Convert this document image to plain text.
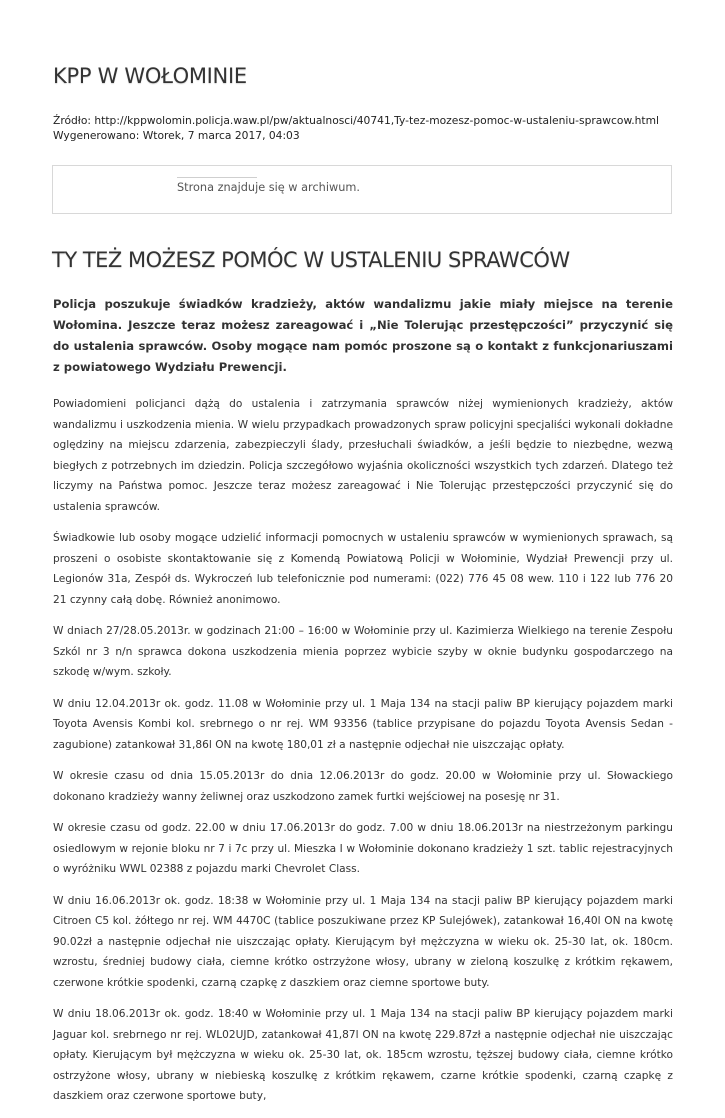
KPP W WOŁOMINIE
Źródło: http://kppwolomin.policja.waw.pl/pw/aktualnosci/40741,Ty-tez-mozesz-pomoc-w-ustaleniu-sprawcow.html
Wygenerowano: Wtorek, 7 marca 2017, 04:03
Strona znajduje się w archiwum.
TY TEŻ MOŻESZ POMÓC W USTALENIU SPRAWCÓW

Policja poszukuje świadków kradzieży, aktów wandalizmu jakie miały miejsce na terenie Wołomina. Jeszcze teraz możesz zareagować i „Nie Tolerując przestępczości” przyczynić się do ustalenia sprawców. Osoby mogące nam pomóc proszone są o kontakt z funkcjonariuszami z powiatowego Wydziału Prewencji.

Powiadomieni policjanci dążą do ustalenia i zatrzymania sprawców niżej wymienionych kradzieży, aktów wandalizmu i uszkodzenia mienia. W wielu przypadkach prowadzonych spraw policyjni specjaliści wykonali dokładne oględziny na miejscu zdarzenia, zabezpieczyli ślady, przesłuchali świadków, a jeśli będzie to niezbędne, wezwą biegłych z potrzebnych im dziedzin. Policja szczegółowo wyjaśnia okoliczności wszystkich tych zdarzeń. Dlatego też liczymy na Państwa pomoc. Jeszcze teraz możesz zareagować i Nie Tolerując przestępczości przyczynić się do ustalenia sprawców.

Świadkowie lub osoby mogące udzielić informacji pomocnych w ustaleniu sprawców w wymienionych sprawach, są proszeni o osobiste skontaktowanie się z Komendą Powiatową Policji w Wołominie, Wydział Prewencji przy ul. Legionów 31a, Zespół ds. Wykroczeń lub telefonicznie pod numerami: (022) 776 45 08 wew. 110 i 122 lub 776 20 21 czynny całą dobę. Również anonimowo.

W dniach 27/28.05.2013r. w godzinach 21:00 – 16:00 w Wołominie przy ul. Kazimierza Wielkiego na terenie Zespołu Szkól nr 3 n/n sprawca dokona uszkodzenia mienia poprzez wybicie szyby w oknie budynku gospodarczego na szkodę w/wym. szkoły.

W dniu 12.04.2013r ok. godz. 11.08 w Wołominie przy ul. 1 Maja 134 na stacji paliw BP kierujący pojazdem marki Toyota Avensis Kombi kol. srebrnego o nr rej. WM 93356 (tablice przypisane do pojazdu Toyota Avensis Sedan -zagubione) zatankował 31,86l ON na kwotę 180,01 zł a następnie odjechał nie uiszczając opłaty.

W okresie czasu od dnia 15.05.2013r do dnia 12.06.2013r do godz. 20.00 w Wołominie przy ul. Słowackiego dokonano kradzieży wanny żeliwnej oraz uszkodzono zamek furtki wejściowej na posesję nr 31.

W okresie czasu od godz. 22.00 w dniu 17.06.2013r do godz. 7.00 w dniu 18.06.2013r na niestrzeżonym parkingu osiedlowym w rejonie bloku nr 7 i 7c przy ul. Mieszka I w Wołominie dokonano kradzieży 1 szt. tablic rejestracyjnych o wyróżniku WWL 02388 z pojazdu marki Chevrolet Class.

W dniu 16.06.2013r ok. godz. 18:38 w Wołominie przy ul. 1 Maja 134 na stacji paliw BP kierujący pojazdem marki Citroen C5 kol. żółtego nr rej. WM 4470C (tablice poszukiwane przez KP Sulejówek), zatankował 16,40l ON na kwotę 90.02zł a następnie odjechał nie uiszczając opłaty. Kierującym był mężczyzna w wieku ok. 25-30 lat, ok. 180cm. wzrostu, średniej budowy ciała, ciemne krótko ostrzyżone włosy, ubrany w zieloną koszulkę z krótkim rękawem, czerwone krótkie spodenki, czarną czapkę z daszkiem oraz ciemne sportowe buty.

W dniu 18.06.2013r ok. godz. 18:40 w Wołominie przy ul. 1 Maja 134 na stacji paliw BP kierujący pojazdem marki Jaguar kol. srebrnego nr rej. WL02UJD, zatankował 41,87l ON na kwotę 229.87zł a następnie odjechał nie uiszczając opłaty. Kierującym był mężczyzna w wieku ok. 25-30 lat, ok. 185cm wzrostu, tęższej budowy ciała, ciemne krótko ostrzyżone włosy, ubrany w niebieską koszulkę z krótkim rękawem, czarne krótkie spodenki, czarną czapkę z daszkiem oraz czerwone sportowe buty,
